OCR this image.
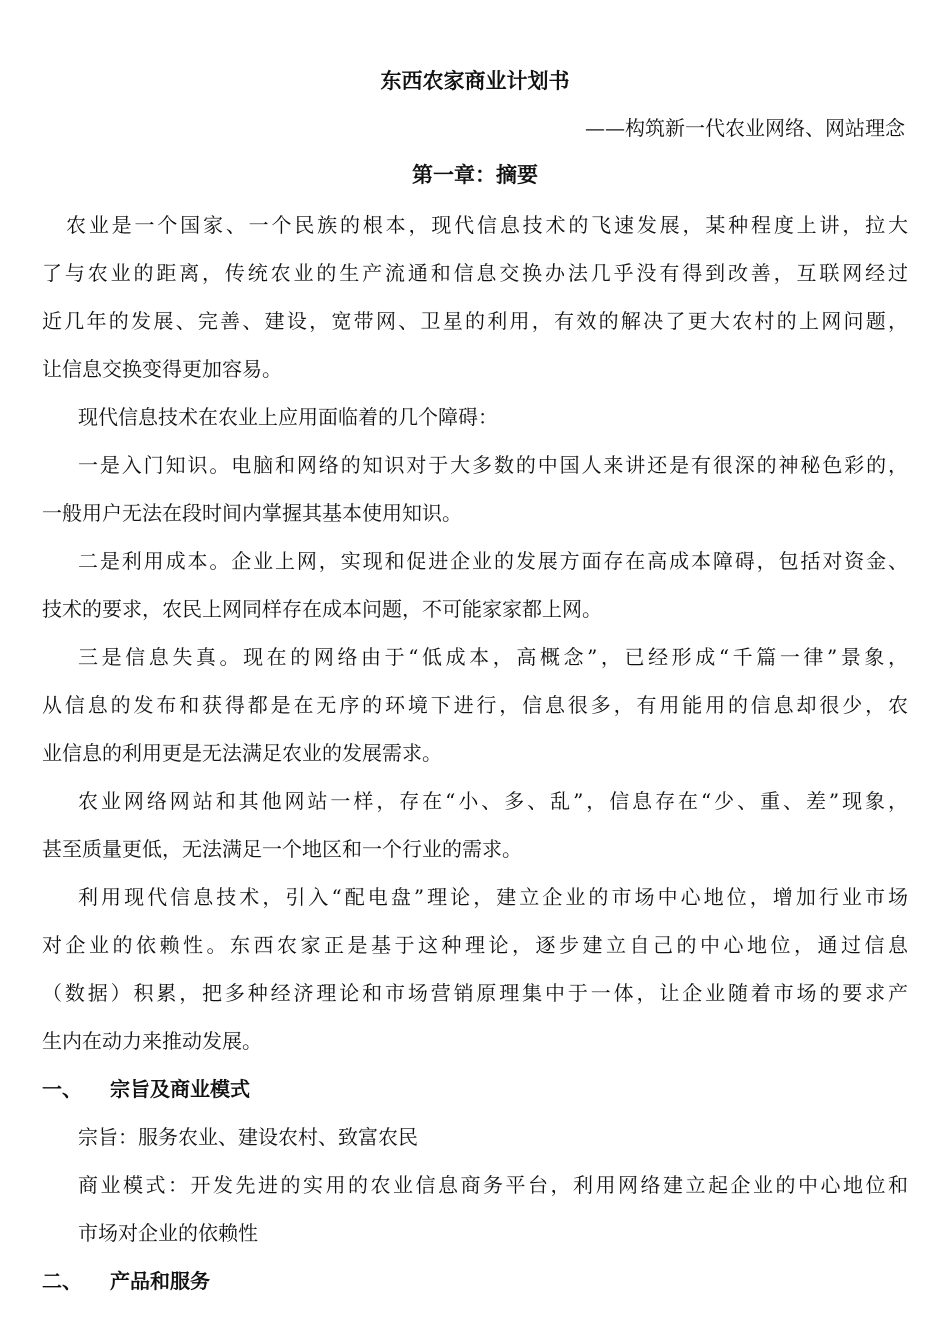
东西农家商业计划书
——构筑新一代农业网络、网站理念
第一章：摘要
农业是一个国家、一个民族的根本，现代信息技术的飞速发展，某种程度上讲，拉大
了与农业的距离，传统农业的生产流通和信息交换办法几乎没有得到改善，互联网经过
近几年的发展、完善、建设，宽带网、卫星的利用，有效的解决了更大农村的上网问题，
让信息交换变得更加容易。
现代信息技术在农业上应用面临着的几个障碍：
一是入门知识。电脑和网络的知识对于大多数的中国人来讲还是有很深的神秘色彩的，
一般用户无法在段时间内掌握其基本使用知识。
二是利用成本。企业上网，实现和促进企业的发展方面存在高成本障碍，包括对资金、
技术的要求，农民上网同样存在成本问题，不可能家家都上网。
三是信息失真。现在的网络由于“低成本，高概念”，已经形成“千篇一律”景象，
从信息的发布和获得都是在无序的环境下进行，信息很多，有用能用的信息却很少，农
业信息的利用更是无法满足农业的发展需求。
农业网络网站和其他网站一样，存在“小、多、乱”，信息存在“少、重、差”现象，
甚至质量更低，无法满足一个地区和一个行业的需求。
利用现代信息技术，引入“配电盘”理论，建立企业的市场中心地位，增加行业市场
对企业的依赖性。东西农家正是基于这种理论，逐步建立自己的中心地位，通过信息
（数据）积累，把多种经济理论和市场营销原理集中于一体，让企业随着市场的要求产
生内在动力来推动发展。
一、 宗旨及商业模式
宗旨：服务农业、建设农村、致富农民
商业模式：开发先进的实用的农业信息商务平台，利用网络建立起企业的中心地位和
市场对企业的依赖性
二、 产品和服务
